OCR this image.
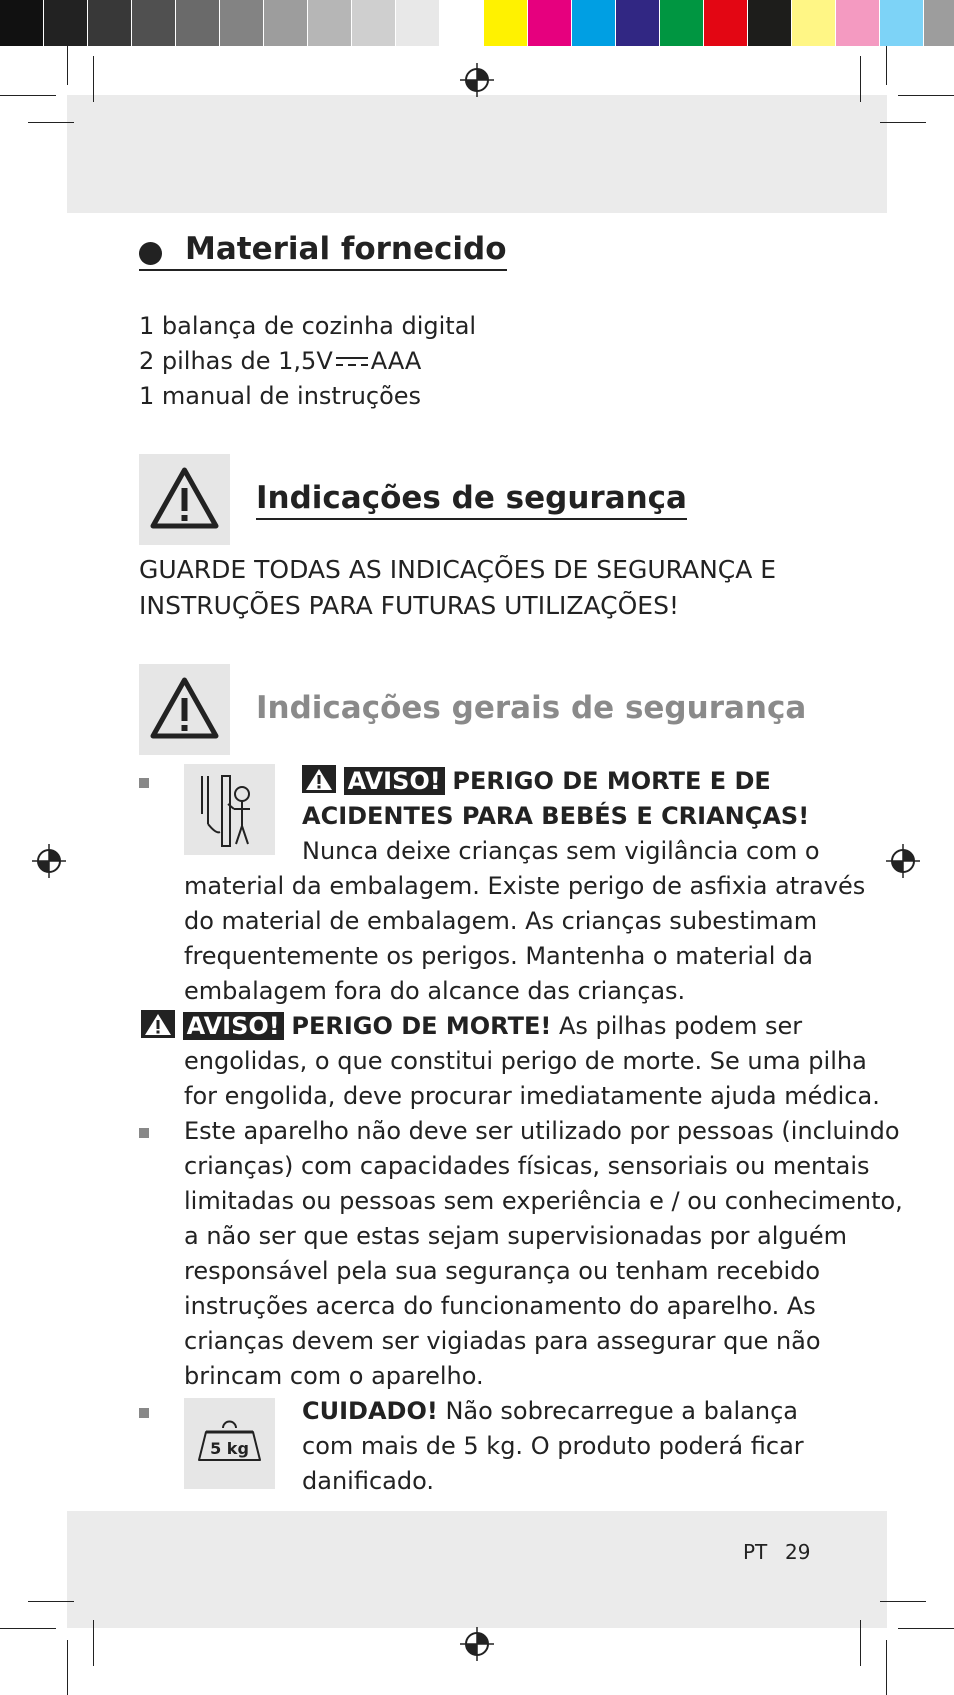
Material fornecido
1 balança de cozinha digital
2 pilhas de 1,5V AAA
1 manual de instruções
Indicações de segurança
GUARDE TODAS AS INDICAÇÕES DE SEGURANÇA E
INSTRUÇÕES PARA FUTURAS UTILIZAÇÕES!
Indicações gerais de segurança
AVISO! PERIGO DE MORTE E DE
ACIDENTES PARA BEBÉS E CRIANÇAS!
Nunca deixe crianças sem vigilância com o
material da embalagem. Existe perigo de asfixia através
do material de embalagem. As crianças subestimam
frequentemente os perigos. Mantenha o material da
embalagem fora do alcance das crianças.
AVISO! PERIGO DE MORTE! As pilhas podem ser
engolidas, o que constitui perigo de morte. Se uma pilha
for engolida, deve procurar imediatamente ajuda médica.
Este aparelho não deve ser utilizado por pessoas (incluindo
crianças) com capacidades físicas, sensoriais ou mentais
limitadas ou pessoas sem experiência e / ou conhecimento,
a não ser que estas sejam supervisionadas por alguém
responsável pela sua segurança ou tenham recebido
instruções acerca do funcionamento do aparelho. As
crianças devem ser vigiadas para assegurar que não
brincam com o aparelho.
5 kg
CUIDADO! Não sobrecarregue a balança
com mais de 5 kg. O produto poderá ficar
danificado.
PT 29
